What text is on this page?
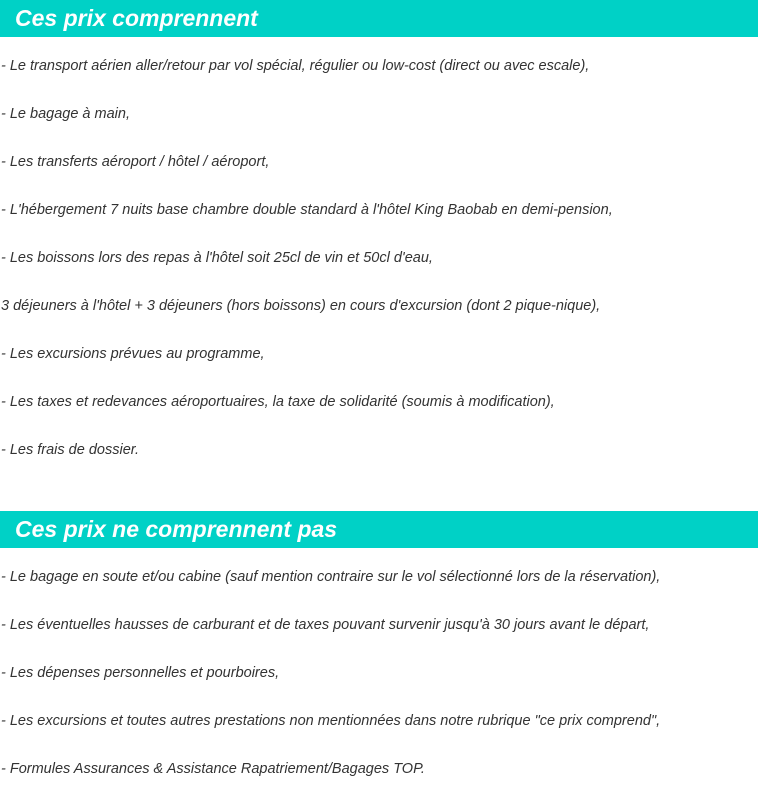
Ces prix comprennent
- Le transport aérien aller/retour par vol spécial, régulier ou low-cost (direct ou avec escale),
- Le bagage à main,
- Les transferts aéroport / hôtel / aéroport,
- L'hébergement 7 nuits base chambre double standard à l'hôtel King Baobab en demi-pension,
- Les boissons lors des repas à l'hôtel soit 25cl de vin et 50cl d'eau,
3 déjeuners à l'hôtel + 3 déjeuners (hors boissons) en cours d'excursion (dont 2 pique-nique),
- Les excursions prévues au programme,
- Les taxes et redevances aéroportuaires, la taxe de solidarité (soumis à modification),
- Les frais de dossier.
Ces prix ne comprennent pas
- Le bagage en soute et/ou cabine (sauf mention contraire sur le vol sélectionné lors de la réservation),
- Les éventuelles hausses de carburant et de taxes pouvant survenir jusqu'à 30 jours avant le départ,
- Les dépenses personnelles et pourboires,
- Les excursions et toutes autres prestations non mentionnées dans notre rubrique "ce prix comprend",
- Formules Assurances & Assistance Rapatriement/Bagages TOP.
